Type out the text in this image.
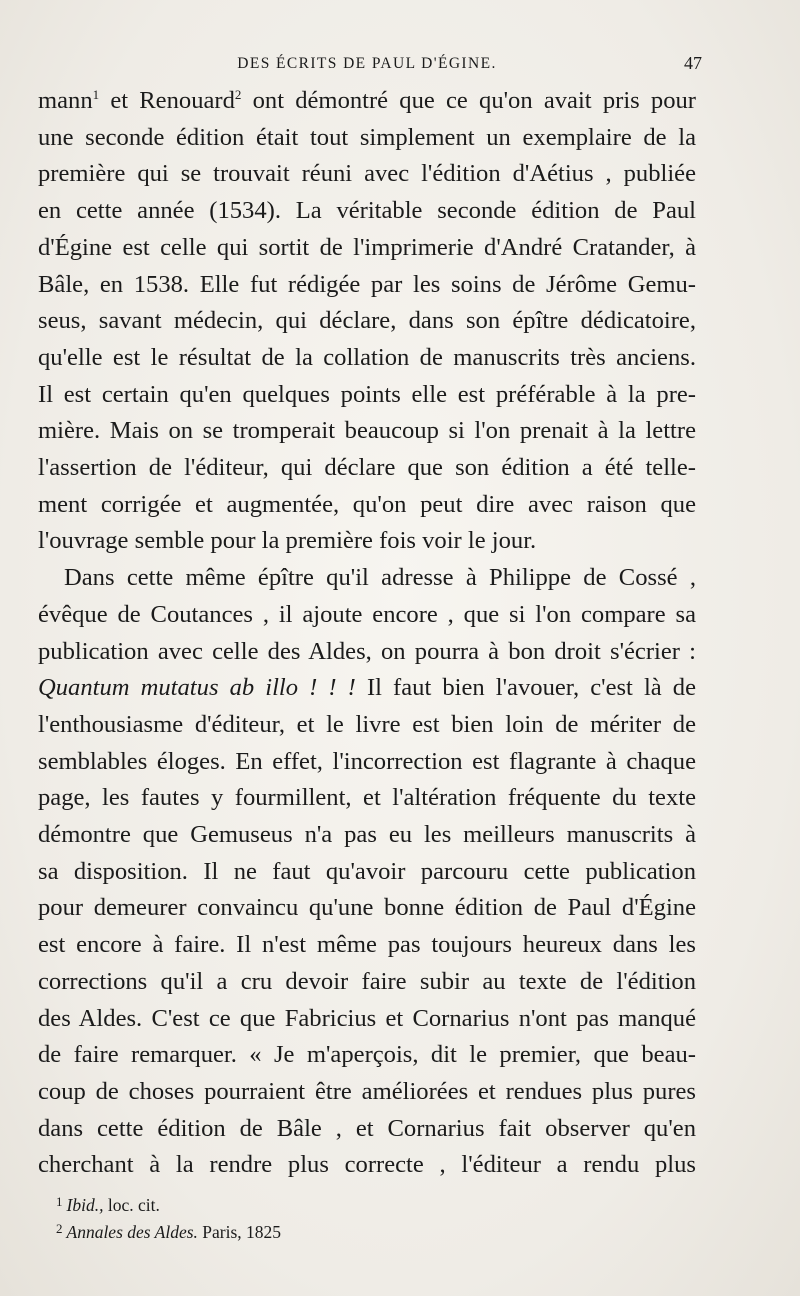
DES ÉCRITS DE PAUL D'ÉGINE.	47

mann$^1$ et Renouard$^2$ ont démontré que ce qu'on avait pris pour
une seconde édition était tout simplement un exemplaire de la
première qui se trouvait réuni avec l'édition d'Aétius , publiée
en cette année (1534). La véritable seconde édition de Paul
d'Égine est celle qui sortit de l'imprimerie d'André Cratander, à
Bâle, en 1538. Elle fut rédigée par les soins de Jérôme Gemu-
seus, savant médecin, qui déclare, dans son épître dédicatoire,
qu'elle est le résultat de la collation de manuscrits très anciens.
Il est certain qu'en quelques points elle est préférable à la pre-
mière. Mais on se tromperait beaucoup si l'on prenait à la lettre
l'assertion de l'éditeur, qui déclare que son édition a été telle-
ment corrigée et augmentée, qu'on peut dire avec raison que
l'ouvrage semble pour la première fois voir le jour.

Dans cette même épître qu'il adresse à Philippe de Cossé ,
évêque de Coutances , il ajoute encore , que si l'on compare sa
publication avec celle des Aldes, on pourra à bon droit s'écrier :
Quantum mutatus ab illo ! ! ! Il faut bien l'avouer, c'est là de
l'enthousiasme d'éditeur, et le livre est bien loin de mériter de
semblables éloges. En effet, l'incorrection est flagrante à chaque
page, les fautes y fourmillent, et l'altération fréquente du texte
démontre que Gemuseus n'a pas eu les meilleurs manuscrits à
sa disposition. Il ne faut qu'avoir parcouru cette publication
pour demeurer convaincu qu'une bonne édition de Paul d'Égine
est encore à faire. Il n'est même pas toujours heureux dans les
corrections qu'il a cru devoir faire subir au texte de l'édition
des Aldes. C'est ce que Fabricius et Cornarius n'ont pas manqué
de faire remarquer. « Je m'aperçois, dit le premier, que beau-
coup de choses pourraient être améliorées et rendues plus pures
dans cette édition de Bâle , et Cornarius fait observer qu'en
cherchant à la rendre plus correcte , l'éditeur a rendu plus

$^1$ Ibid., loc. cit.
$^2$ Annales des Aldes. Paris, 1825
